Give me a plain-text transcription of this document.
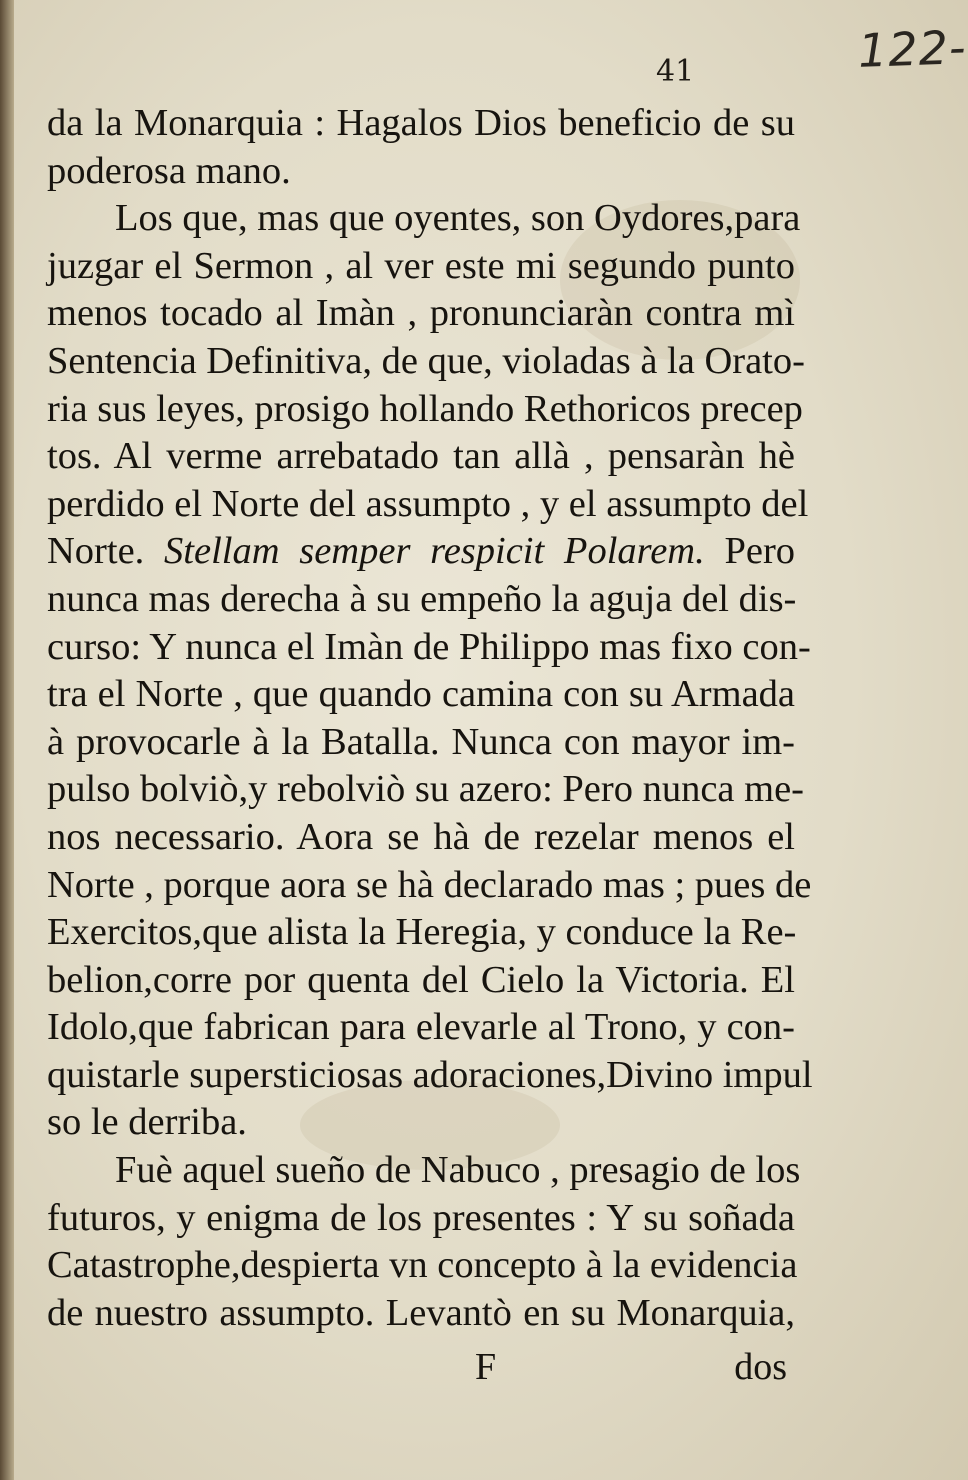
122-
41
da la Monarquia : Hagalos Dios beneficio de su
poderosa mano.
Los que, mas que oyentes, son Oydores,para
juzgar el Sermon , al ver este mi segundo punto
menos tocado al Imàn , pronunciaràn contra mì
Sentencia Definitiva, de que, violadas à la Orato-
ria sus leyes, prosigo hollando Rethoricos precep
tos. Al verme arrebatado tan allà , pensaràn hè
perdido el Norte del assumpto , y el assumpto del
Norte. Stellam semper respicit Polarem. Pero
nunca mas derecha à su empeño la aguja del dis-
curso: Y nunca el Imàn de Philippo mas fixo con-
tra el Norte , que quando camina con su Armada
à provocarle à la Batalla. Nunca con mayor im-
pulso bolviò,y rebolviò su azero: Pero nunca me-
nos necessario. Aora se hà de rezelar menos el
Norte , porque aora se hà declarado mas ; pues de
Exercitos,que alista la Heregia, y conduce la Re-
belion,corre por quenta del Cielo la Victoria. El
Idolo,que fabrican para elevarle al Trono, y con-
quistarle supersticiosas adoraciones,Divino impul
so le derriba.
Fuè aquel sueño de Nabuco , presagio de los
futuros, y enigma de los presentes : Y su soñada
Catastrophe,despierta vn concepto à la evidencia
de nuestro assumpto. Levantò en su Monarquia,
F	dos
